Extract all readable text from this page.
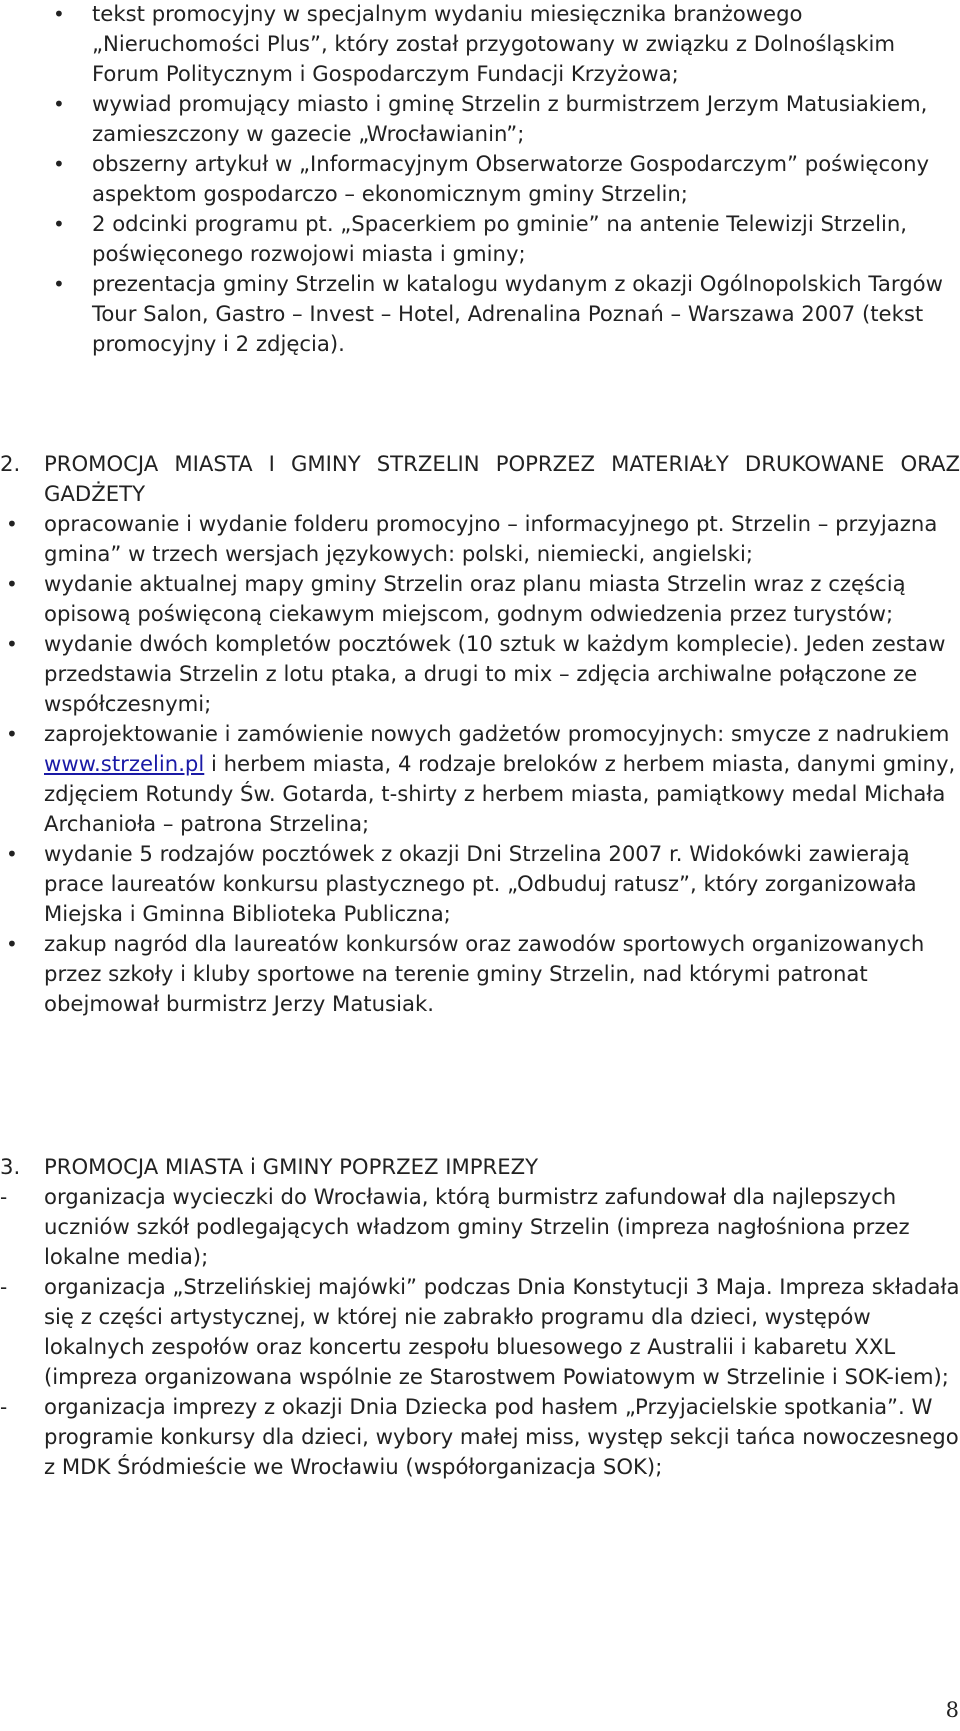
• tekst promocyjny w specjalnym wydaniu miesięcznika branżowego „Nieruchomości Plus”, który został przygotowany w związku z Dolnośląskim Forum Politycznym i Gospodarczym Fundacji Krzyżowa;
• wywiad promujący miasto i gminę Strzelin z burmistrzem Jerzym Matusiakiem, zamieszczony w gazecie „Wrocławianin”;
• obszerny artykuł w „Informacyjnym Obserwatorze Gospodarczym” poświęcony aspektom gospodarczo – ekonomicznym gminy Strzelin;
• 2 odcinki programu pt. „Spacerkiem po gminie” na antenie Telewizji Strzelin, poświęconego rozwojowi miasta i gminy;
• prezentacja gminy Strzelin w katalogu wydanym z okazji Ogólnopolskich Targów Tour Salon, Gastro – Invest – Hotel, Adrenalina Poznań – Warszawa 2007 (tekst promocyjny i 2 zdjęcia).
2. PROMOCJA MIASTA I GMINY STRZELIN POPRZEZ MATERIAŁY DRUKOWANE ORAZ GADŻETY
• opracowanie i wydanie folderu promocyjno – informacyjnego pt. Strzelin – przyjazna gmina” w trzech wersjach językowych: polski, niemiecki, angielski;
• wydanie aktualnej mapy gminy Strzelin oraz planu miasta Strzelin wraz z częścią opisową poświęconą ciekawym miejscom, godnym odwiedzenia przez turystów;
• wydanie dwóch kompletów pocztówek (10 sztuk w każdym komplecie). Jeden zestaw przedstawia Strzelin z lotu ptaka, a drugi to mix – zdjęcia archiwalne połączone ze współczesnymi;
• zaprojektowanie i zamówienie nowych gadżetów promocyjnych: smycze z nadrukiem www.strzelin.pl i herbem miasta, 4 rodzaje breloków z herbem miasta, danymi gminy, zdjęciem Rotundy Św. Gotarda, t-shirty z herbem miasta, pamiątkowy medal Michała Archanioła – patrona Strzelina;
• wydanie 5 rodzajów pocztówek z okazji Dni Strzelina 2007 r. Widokówki zawierają prace laureatów konkursu plastycznego pt. „Odbuduj ratusz”, który zorganizowała Miejska i Gminna Biblioteka Publiczna;
• zakup nagród dla laureatów konkursów oraz zawodów sportowych organizowanych przez szkoły i kluby sportowe na terenie gminy Strzelin, nad którymi patronat obejmował burmistrz Jerzy Matusiak.
3. PROMOCJA MIASTA i GMINY POPRZEZ IMPREZY
- organizacja wycieczki do Wrocławia, którą burmistrz zafundował dla najlepszych uczniów szkół podlegających władzom gminy Strzelin (impreza nagłośniona przez lokalne media);
- organizacja „Strzelińskiej majówki” podczas Dnia Konstytucji 3 Maja. Impreza składała się z części artystycznej, w której nie zabrakło programu dla dzieci, występów lokalnych zespołów oraz koncertu zespołu bluesowego z Australii i kabaretu XXL (impreza organizowana wspólnie ze Starostwem Powiatowym w Strzelinie i SOK-iem);
- organizacja imprezy z okazji Dnia Dziecka pod hasłem „Przyjacielskie spotkania”. W programie konkursy dla dzieci, wybory małej miss, występ sekcji tańca nowoczesnego z MDK Śródmieście we Wrocławiu (współorganizacja SOK);
8
